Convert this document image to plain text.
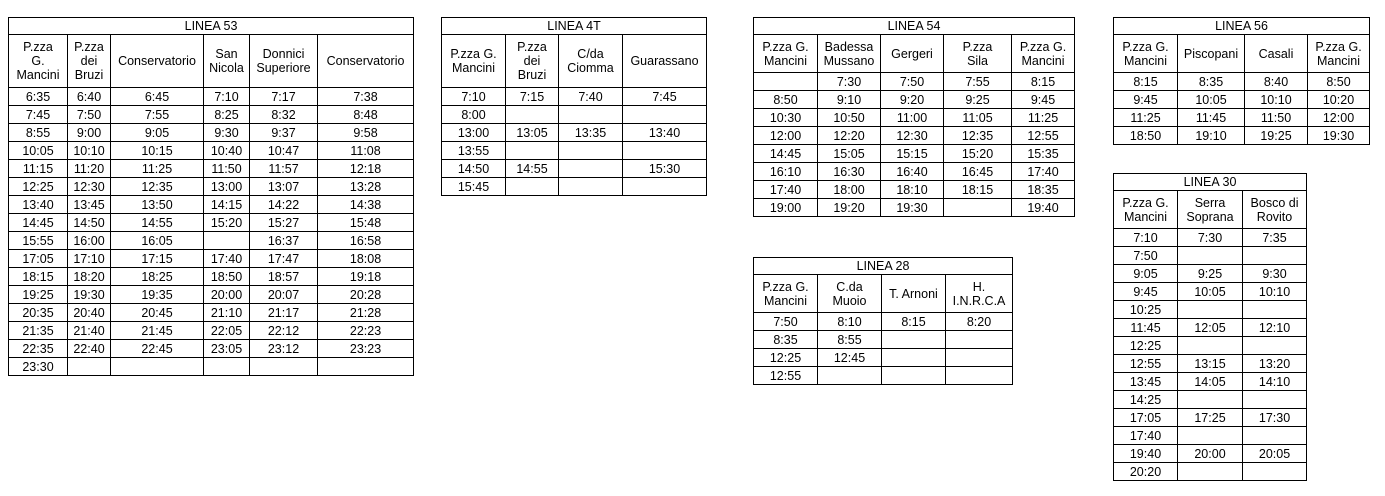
LINEA 53					
P.zza
G.
Mancini	P.zza
dei
Bruzi	Conservatorio	San
Nicola	Donnici
Superiore	Conservatorio
6:35	6:40	6:45	7:10	7:17	7:38
7:45	7:50	7:55	8:25	8:32	8:48
8:55	9:00	9:05	9:30	9:37	9:58
10:05	10:10	10:15	10:40	10:47	11:08
11:15	11:20	11:25	11:50	11:57	12:18
12:25	12:30	12:35	13:00	13:07	13:28
13:40	13:45	13:50	14:15	14:22	14:38
14:45	14:50	14:55	15:20	15:27	15:48
15:55	16:00	16:05		16:37	16:58
17:05	17:10	17:15	17:40	17:47	18:08
18:15	18:20	18:25	18:50	18:57	19:18
19:25	19:30	19:35	20:00	20:07	20:28
20:35	20:40	20:45	21:10	21:17	21:28
21:35	21:40	21:45	22:05	22:12	22:23
22:35	22:40	22:45	23:05	23:12	23:23
23:30					
LINEA 4T			
P.zza G.
Mancini	P.zza
dei
Bruzi	C/da
Ciomma	Guarassano
7:10	7:15	7:40	7:45
8:00			
13:00	13:05	13:35	13:40
13:55			
14:50	14:55		15:30
15:45			
LINEA 54				
P.zza G.
Mancini	Badessa
Mussano	Gergeri	P.zza
Sila	P.zza G.
Mancini
	7:30	7:50	7:55	8:15
8:50	9:10	9:20	9:25	9:45
10:30	10:50	11:00	11:05	11:25
12:00	12:20	12:30	12:35	12:55
14:45	15:05	15:15	15:20	15:35
16:10	16:30	16:40	16:45	17:40
17:40	18:00	18:10	18:15	18:35
19:00	19:20	19:30		19:40
LINEA 28			
P.zza G.
Mancini	C.da
Muoio	T. Arnoni	H.
I.N.R.C.A
7:50	8:10	8:15	8:20
8:35	8:55		
12:25	12:45		
12:55			
LINEA 56			
P.zza G.
Mancini	Piscopani	Casali	P.zza G.
Mancini
8:15	8:35	8:40	8:50
9:45	10:05	10:10	10:20
11:25	11:45	11:50	12:00
18:50	19:10	19:25	19:30
LINEA 30		
P.zza G.
Mancini	Serra
Soprana	Bosco di
Rovito
7:10	7:30	7:35
7:50		
9:05	9:25	9:30
9:45	10:05	10:10
10:25		
11:45	12:05	12:10
12:25		
12:55	13:15	13:20
13:45	14:05	14:10
14:25		
17:05	17:25	17:30
17:40		
19:40	20:00	20:05
20:20		
